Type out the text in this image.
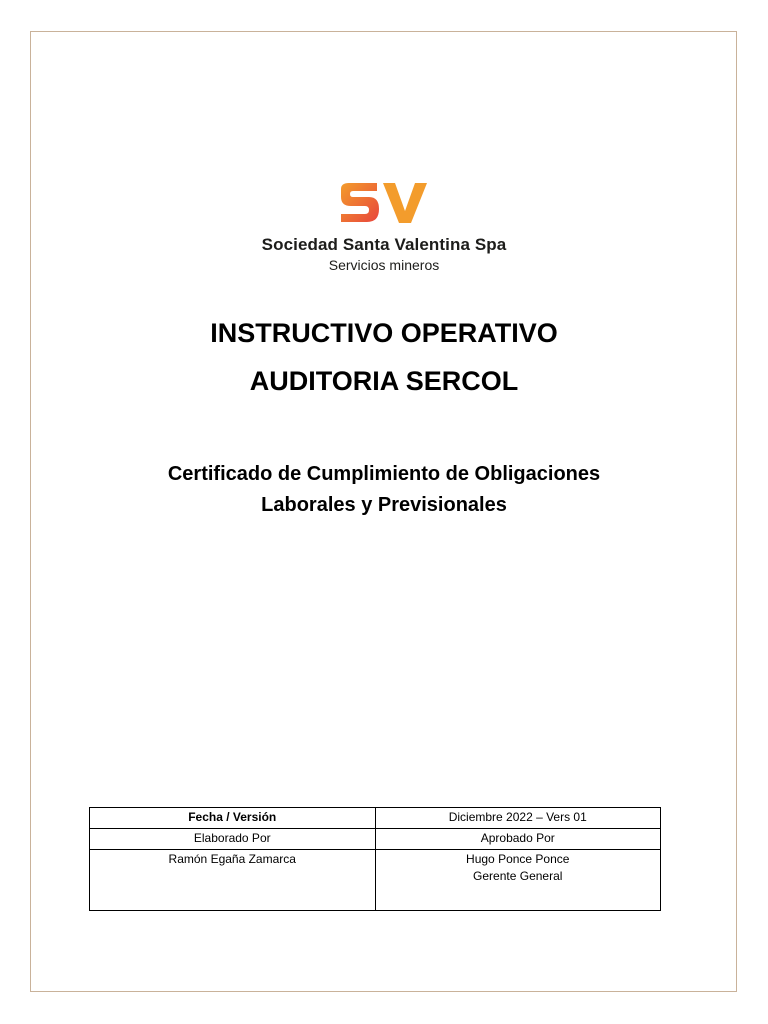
Sociedad Santa Valentina Spa
Servicios mineros
INSTRUCTIVO OPERATIVO
AUDITORIA SERCOL
Certificado de Cumplimiento de Obligaciones
Laborales y Previsionales
Fecha / Versión	Diciembre 2022 – Vers 01
Elaborado Por	Aprobado Por
Ramón Egaña Zamarca	Hugo Ponce Ponce
Gerente General
